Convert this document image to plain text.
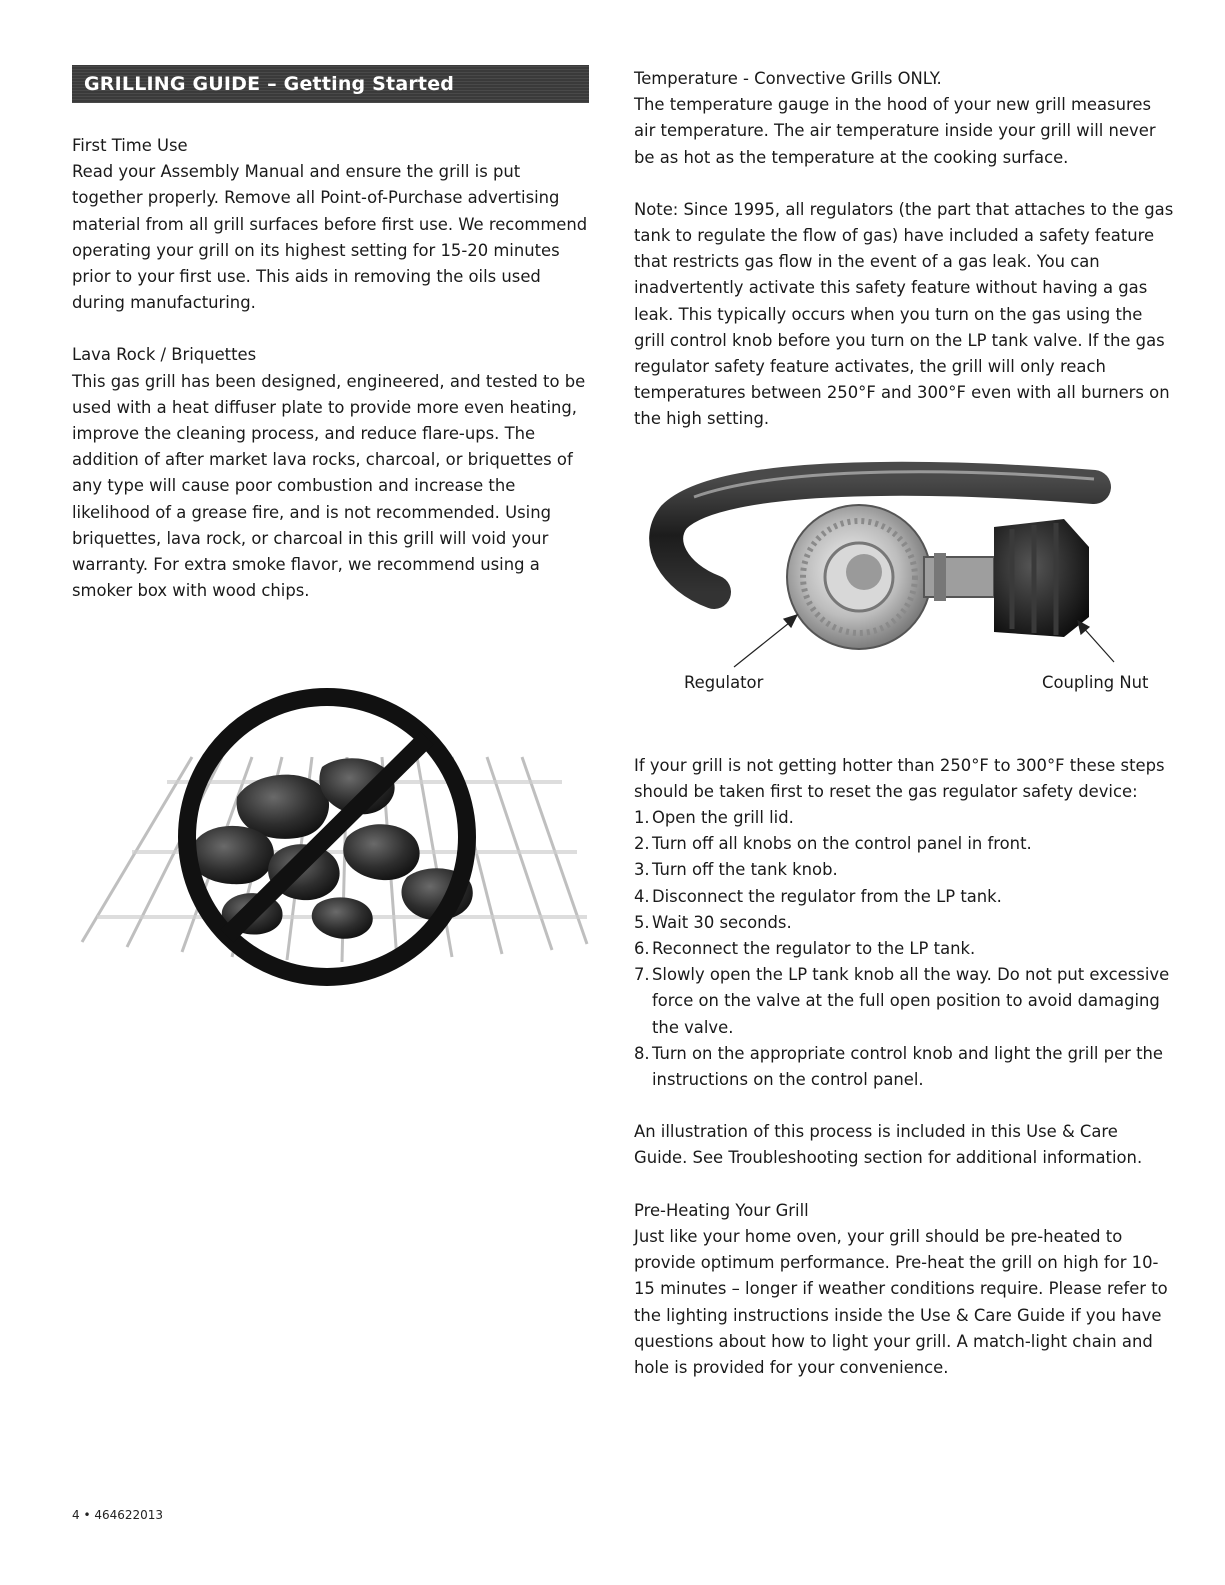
GRILLING GUIDE – Getting Started

First Time Use

Read your Assembly Manual and ensure the grill is put together properly. Remove all Point-of-Purchase advertising material from all grill surfaces before first use. We recommend operating your grill on its highest setting for 15-20 minutes prior to your first use. This aids in removing the oils used during manufacturing.

Lava Rock / Briquettes

This gas grill has been designed, engineered, and tested to be used with a heat diffuser plate to provide more even heating, improve the cleaning process, and reduce flare-ups. The addition of after market lava rocks, charcoal, or briquettes of any type will cause poor combustion and increase the likelihood of a grease fire, and is not recommended. Using briquettes, lava rock, or charcoal in this grill will void your warranty. For extra smoke flavor, we recommend using a smoker box with wood chips.

Temperature - Convective Grills ONLY.

The temperature gauge in the hood of your new grill measures air temperature. The air temperature inside your grill will never be as hot as the temperature at the cooking surface.

Note: Since 1995, all regulators (the part that attaches to the gas tank to regulate the flow of gas) have included a safety feature that restricts gas flow in the event of a gas leak. You can inadvertently activate this safety feature without having a gas leak. This typically occurs when you turn on the gas using the grill control knob before you turn on the LP tank valve. If the gas regulator safety feature activates, the grill will only reach temperatures between 250°F and 300°F even with all burners on the high setting.

Regulator	Coupling Nut

If your grill is not getting hotter than 250°F to 300°F these steps should be taken first to reset the gas regulator safety device:

1. Open the grill lid.
2. Turn off all knobs on the control panel in front.
3. Turn off the tank knob.
4. Disconnect the regulator from the LP tank.
5. Wait 30 seconds.
6. Reconnect the regulator to the LP tank.
7. Slowly open the LP tank knob all the way. Do not put excessive force on the valve at the full open position to avoid damaging the valve.
8. Turn on the appropriate control knob and light the grill per the instructions on the control panel.

An illustration of this process is included in this Use & Care Guide. See Troubleshooting section for additional information.

Pre-Heating Your Grill

Just like your home oven, your grill should be pre-heated to provide optimum performance. Pre-heat the grill on high for 10-15 minutes – longer if weather conditions require. Please refer to the lighting instructions inside the Use & Care Guide if you have questions about how to light your grill. A match-light chain and hole is provided for your convenience.

4 • 464622013
